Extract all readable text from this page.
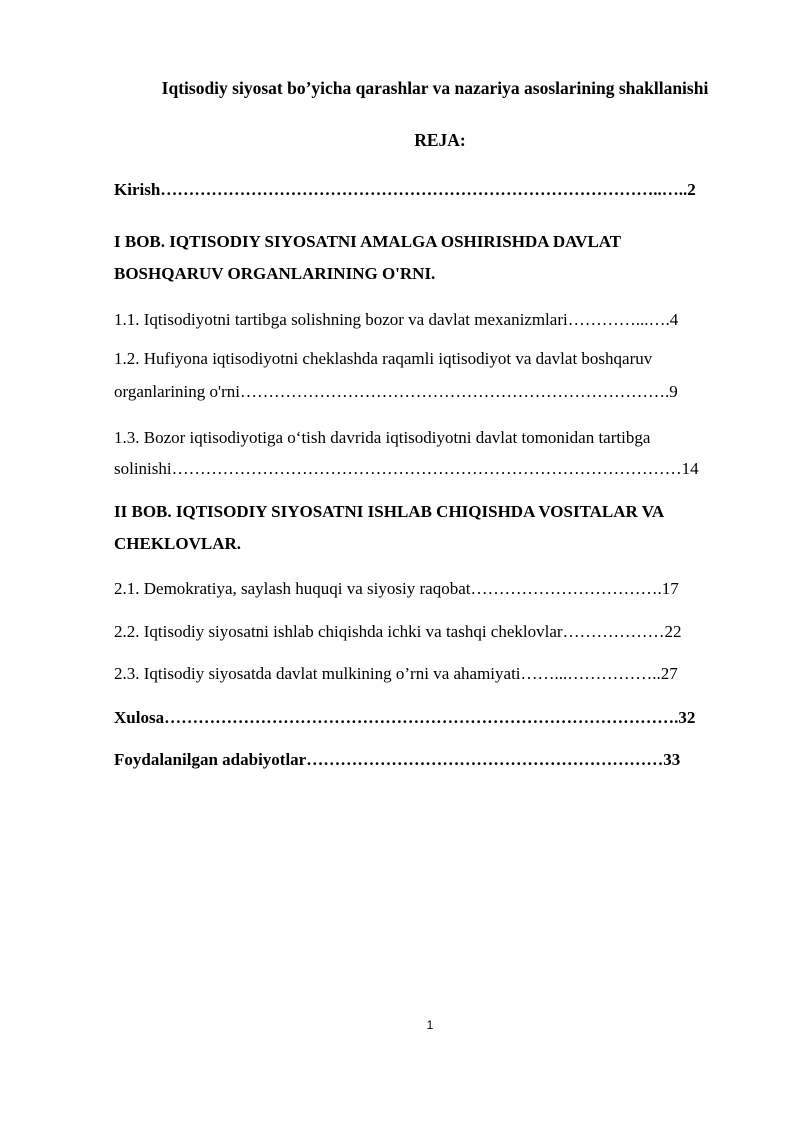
Iqtisodiy siyosat bo’yicha qarashlar va nazariya asoslarining shakllanishi
REJA:
Kirish……………………………………………………………………………..…..2
I BOB. IQTISODIY SIYOSATNI AMALGA OSHIRISHDA DAVLAT
BOSHQARUV ORGANLARINING O'RNI.
1.1. Iqtisodiyotni tartibga solishning bozor va davlat mexanizmlari…………...….4
1.2. Hufiyona iqtisodiyotni cheklashda raqamli iqtisodiyot va davlat boshqaruv
organlarining o'rni………………………………………………………………….9
1.3. Bozor iqtisodiyotiga oʻtish davrida iqtisodiyotni davlat tomonidan tartibga
solinishi………………………………………………………………………………14
II BOB. IQTISODIY SIYOSATNI ISHLAB CHIQISHDA VOSITALAR VA
CHEKLOVLAR.
2.1. Demokratiya, saylash huquqi va siyosiy raqobat…………………………….17
2.2. Iqtisodiy siyosatni ishlab chiqishda ichki va tashqi cheklovlar………………22
2.3. Iqtisodiy siyosatda davlat mulkining o’rni va ahamiyati……...……………..27
Xulosa……………………………………………………………………………….32
Foydalanilgan adabiyotlar………………………………………………………33
1
